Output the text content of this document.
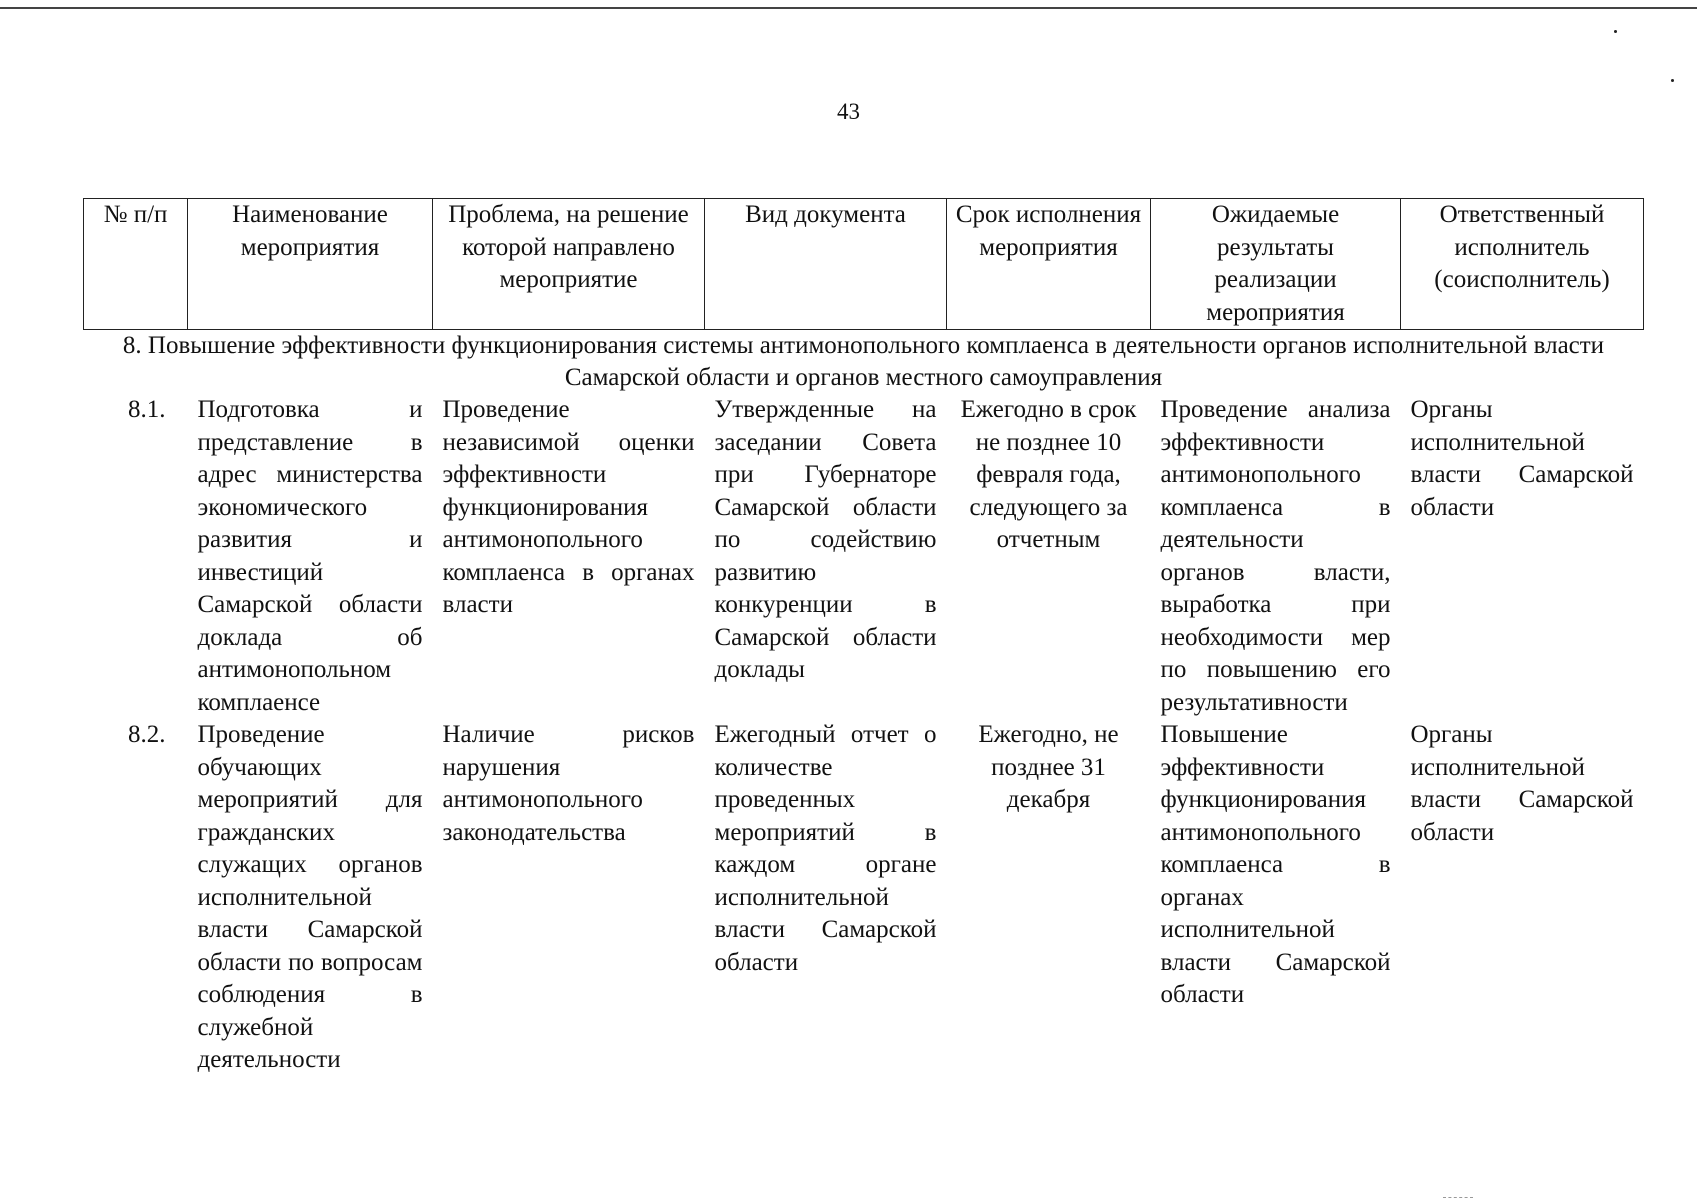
43
№ п/п	Наименование мероприятия	Проблема, на решение которой направлено мероприятие	Вид документа	Срок исполнения мероприятия	Ожидаемые результаты реализации мероприятия	Ответственный исполнитель (соисполнитель)
8. Повышение эффективности функционирования системы антимонопольного комплаенса в деятельности органов исполнительной власти Самарской области и органов местного самоуправления						
8.1.	Подготовка и представление в адрес министерства экономического развития и инвестиций Самарской области доклада об антимонопольном комплаенсе	Проведение независимой оценки эффективности функционирования антимонопольного комплаенса в органах власти	Утвержденные на заседании Совета при Губернаторе Самарской области по содействию развитию конкуренции в Самарской области доклады	Ежегодно в срок не позднее 10 февраля года, следующего за отчетным	Проведение анализа эффективности антимонопольного комплаенса в деятельности органов власти, выработка при необходимости мер по повышению его результативности	Органы исполнительной власти Самарской области
8.2.	Проведение обучающих мероприятий для гражданских служащих органов исполнительной власти Самарской области по вопросам соблюдения в служебной деятельности	Наличие рисков нарушения антимонопольного законодательства	Ежегодный отчет о количестве проведенных мероприятий в каждом органе исполнительной власти Самарской области	Ежегодно, не позднее 31 декабря	Повышение эффективности функционирования антимонопольного комплаенса в органах исполнительной власти Самарской области	Органы исполнительной власти Самарской области
